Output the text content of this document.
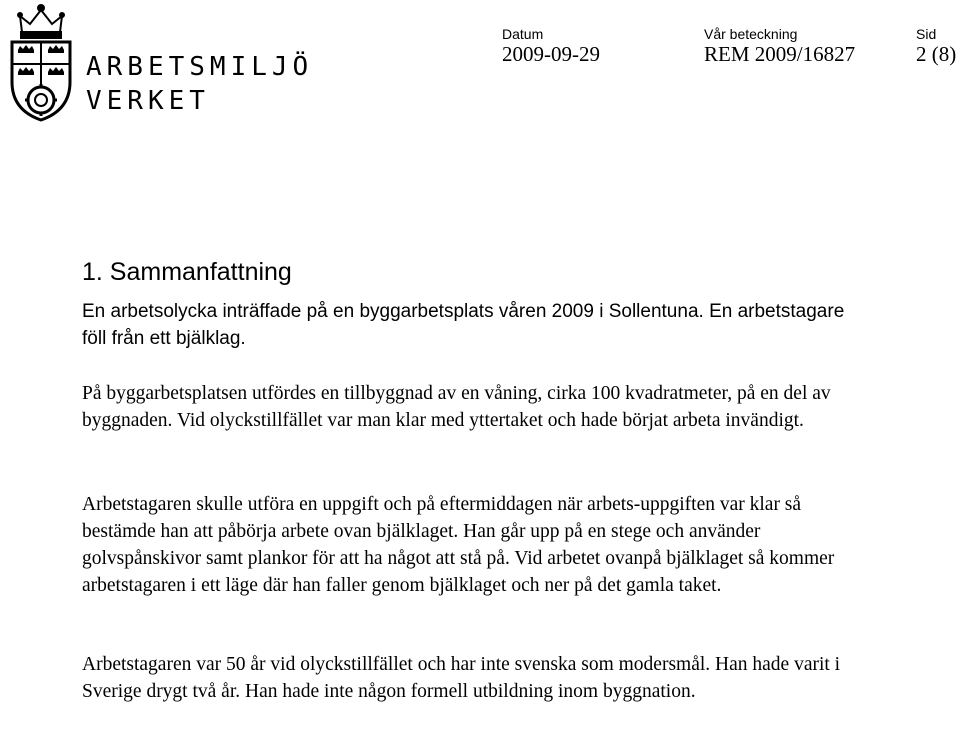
ARBETSMILJÖ
VERKET
Datum
2009-09-29
Vår beteckning
REM 2009/16827
Sid
2 (8)
1. Sammanfattning

En arbetsolycka inträffade på en byggarbetsplats våren 2009 i Sollentuna. En arbetstagare föll från ett bjälklag.

På byggarbetsplatsen utfördes en tillbyggnad av en våning, cirka 100 kvadratmeter, på en del av byggnaden. Vid olyckstillfället var man klar med yttertaket och hade börjat arbeta invändigt.

Arbetstagaren skulle utföra en uppgift och på eftermiddagen när arbets-uppgiften var klar så bestämde han att påbörja arbete ovan bjälklaget. Han går upp på en stege och använder golvspånskivor samt plankor för att ha något att stå på. Vid arbetet ovanpå bjälklaget så kommer arbetstagaren i ett läge där han faller genom bjälklaget och ner på det gamla taket.

Arbetstagaren var 50 år vid olyckstillfället och har inte svenska som modersmål. Han hade varit i Sverige drygt två år. Han hade inte någon formell utbildning inom byggnation.
